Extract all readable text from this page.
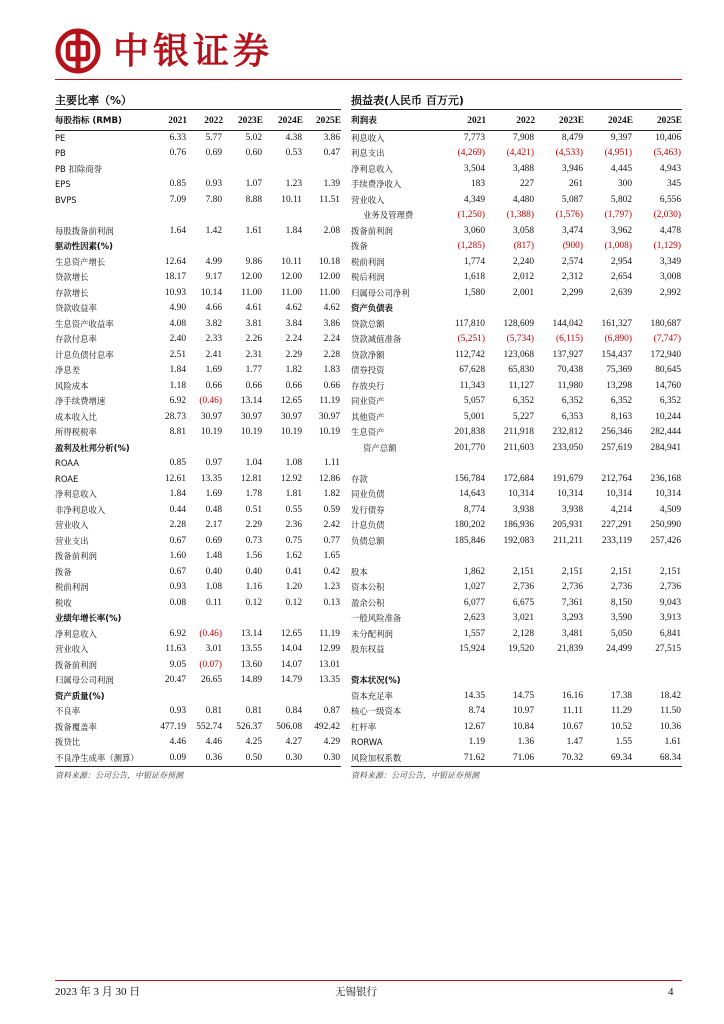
中银证券
主要比率（%）
每股指标 (RMB)	2021	2022	2023E	2024E	2025E
PE	6.33	5.77	5.02	4.38	3.86
PB	0.76	0.69	0.60	0.53	0.47
PB 扣除商誉					
EPS	0.85	0.93	1.07	1.23	1.39
BVPS	7.09	7.80	8.88	10.11	11.51

每股拨备前利润	1.64	1.42	1.61	1.84	2.08
驱动性因素(%)					
生息资产增长	12.64	4.99	9.86	10.11	10.18
贷款增长	18.17	9.17	12.00	12.00	12.00
存款增长	10.93	10.14	11.00	11.00	11.00
贷款收益率	4.90	4.66	4.61	4.62	4.62
生息资产收益率	4.08	3.82	3.81	3.84	3.86
存款付息率	2.40	2.33	2.26	2.24	2.24
计息负债付息率	2.51	2.41	2.31	2.29	2.28
净息差	1.84	1.69	1.77	1.82	1.83
风险成本	1.18	0.66	0.66	0.66	0.66
净手续费增速	6.92	(0.46)	13.14	12.65	11.19
成本收入比	28.73	30.97	30.97	30.97	30.97
所得税税率	8.81	10.19	10.19	10.19	10.19
盈利及杜邦分析(%)					
ROAA	0.85	0.97	1.04	1.08	1.11
ROAE	12.61	13.35	12.81	12.92	12.86
净利息收入	1.84	1.69	1.78	1.81	1.82
非净利息收入	0.44	0.48	0.51	0.55	0.59
营业收入	2.28	2.17	2.29	2.36	2.42
营业支出	0.67	0.69	0.73	0.75	0.77
拨备前利润	1.60	1.48	1.56	1.62	1.65
拨备	0.67	0.40	0.40	0.41	0.42
税前利润	0.93	1.08	1.16	1.20	1.23
税收	0.08	0.11	0.12	0.12	0.13
业绩年增长率(%)					
净利息收入	6.92	(0.46)	13.14	12.65	11.19
营业收入	11.63	3.01	13.55	14.04	12.99
拨备前利润	9.05	(0.07)	13.60	14.07	13.01
归属母公司利润	20.47	26.65	14.89	14.79	13.35
资产质量(%)					
不良率	0.93	0.81	0.81	0.84	0.87
拨备覆盖率	477.19	552.74	526.37	506.08	492.42
拨贷比	4.46	4.46	4.25	4.27	4.29
不良净生成率（测算）	0.09	0.36	0.50	0.30	0.30
资料来源：公司公告，中银证券预测
损益表(人民币 百万元)
利润表	2021	2022	2023E	2024E	2025E
利息收入	7,773	7,908	8,479	9,397	10,406
利息支出	(4,269)	(4,421)	(4,533)	(4,951)	(5,463)
净利息收入	3,504	3,488	3,946	4,445	4,943
手续费净收入	183	227	261	300	345
营业收入	4,349	4,480	5,087	5,802	6,556
业务及管理费	(1,250)	(1,388)	(1,576)	(1,797)	(2,030)
拨备前利润	3,060	3,058	3,474	3,962	4,478
拨备	(1,285)	(817)	(900)	(1,008)	(1,129)
税前利润	1,774	2,240	2,574	2,954	3,349
税后利润	1,618	2,012	2,312	2,654	3,008
归属母公司净利	1,580	2,001	2,299	2,639	2,992
资产负债表					
贷款总额	117,810	128,609	144,042	161,327	180,687
贷款减值准备	(5,251)	(5,734)	(6,115)	(6,890)	(7,747)
贷款净额	112,742	123,068	137,927	154,437	172,940
债券投资	67,628	65,830	70,438	75,369	80,645
存放央行	11,343	11,127	11,980	13,298	14,760
同业资产	5,057	6,352	6,352	6,352	6,352
其他资产	5,001	5,227	6,353	8,163	10,244
生息资产	201,838	211,918	232,812	256,346	282,444
资产总额	201,770	211,603	233,050	257,619	284,941

存款	156,784	172,684	191,679	212,764	236,168
同业负债	14,643	10,314	10,314	10,314	10,314
发行债券	8,774	3,938	3,938	4,214	4,509
计息负债	180,202	186,936	205,931	227,291	250,990
负债总额	185,846	192,083	211,211	233,119	257,426

股本	1,862	2,151	2,151	2,151	2,151
资本公积	1,027	2,736	2,736	2,736	2,736
盈余公积	6,077	6,675	7,361	8,150	9,043
一般风险准备	2,623	3,021	3,293	3,590	3,913
未分配利润	1,557	2,128	3,481	5,050	6,841
股东权益	15,924	19,520	21,839	24,499	27,515

资本状况(%)					
资本充足率	14.35	14.75	16.16	17.38	18.42
核心一级资本	8.74	10.97	11.11	11.29	11.50
杠杆率	12.67	10.84	10.67	10.52	10.36
RORWA	1.19	1.36	1.47	1.55	1.61
风险加权系数	71.62	71.06	70.32	69.34	68.34
资料来源：公司公告，中银证券预测
2023 年 3 月 30 日	无锡银行	4
